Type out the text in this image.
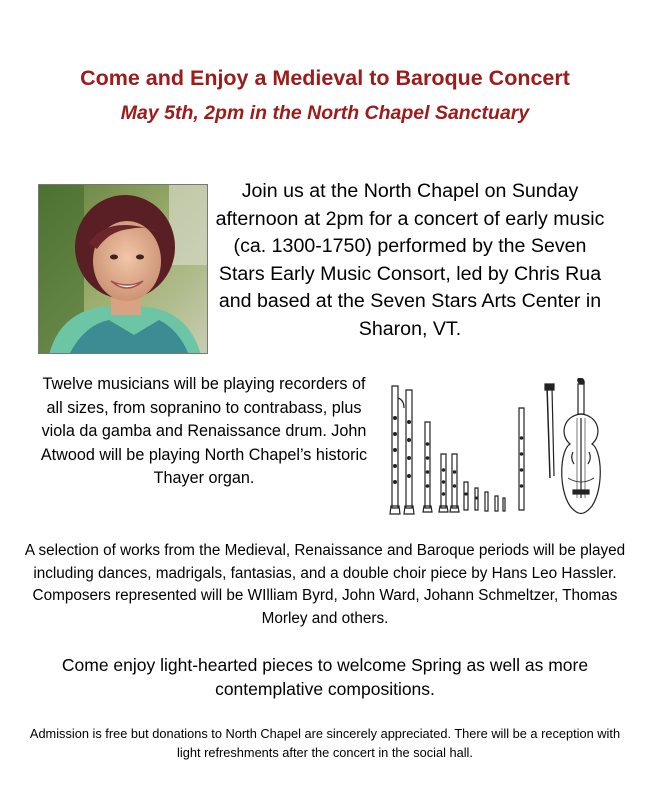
Come and Enjoy a Medieval to Baroque Concert
May 5th, 2pm in the North Chapel Sanctuary

Join us at the North Chapel on Sunday afternoon at 2pm for a concert of early music (ca. 1300-1750) performed by the Seven Stars Early Music Consort, led by Chris Rua and based at the Seven Stars Arts Center in Sharon, VT.

Twelve musicians will be playing recorders of all sizes, from sopranino to contrabass, plus viola da gamba and Renaissance drum. John Atwood will be playing North Chapel’s historic Thayer organ.

A selection of works from the Medieval, Renaissance and Baroque periods will be played including dances, madrigals, fantasias, and a double choir piece by Hans Leo Hassler. Composers represented will be WIlliam Byrd, John Ward, Johann Schmeltzer, Thomas Morley and others.

Come enjoy light-hearted pieces to welcome Spring as well as more contemplative compositions.

Admission is free but donations to North Chapel are sincerely appreciated. There will be a reception with light refreshments after the concert in the social hall.
